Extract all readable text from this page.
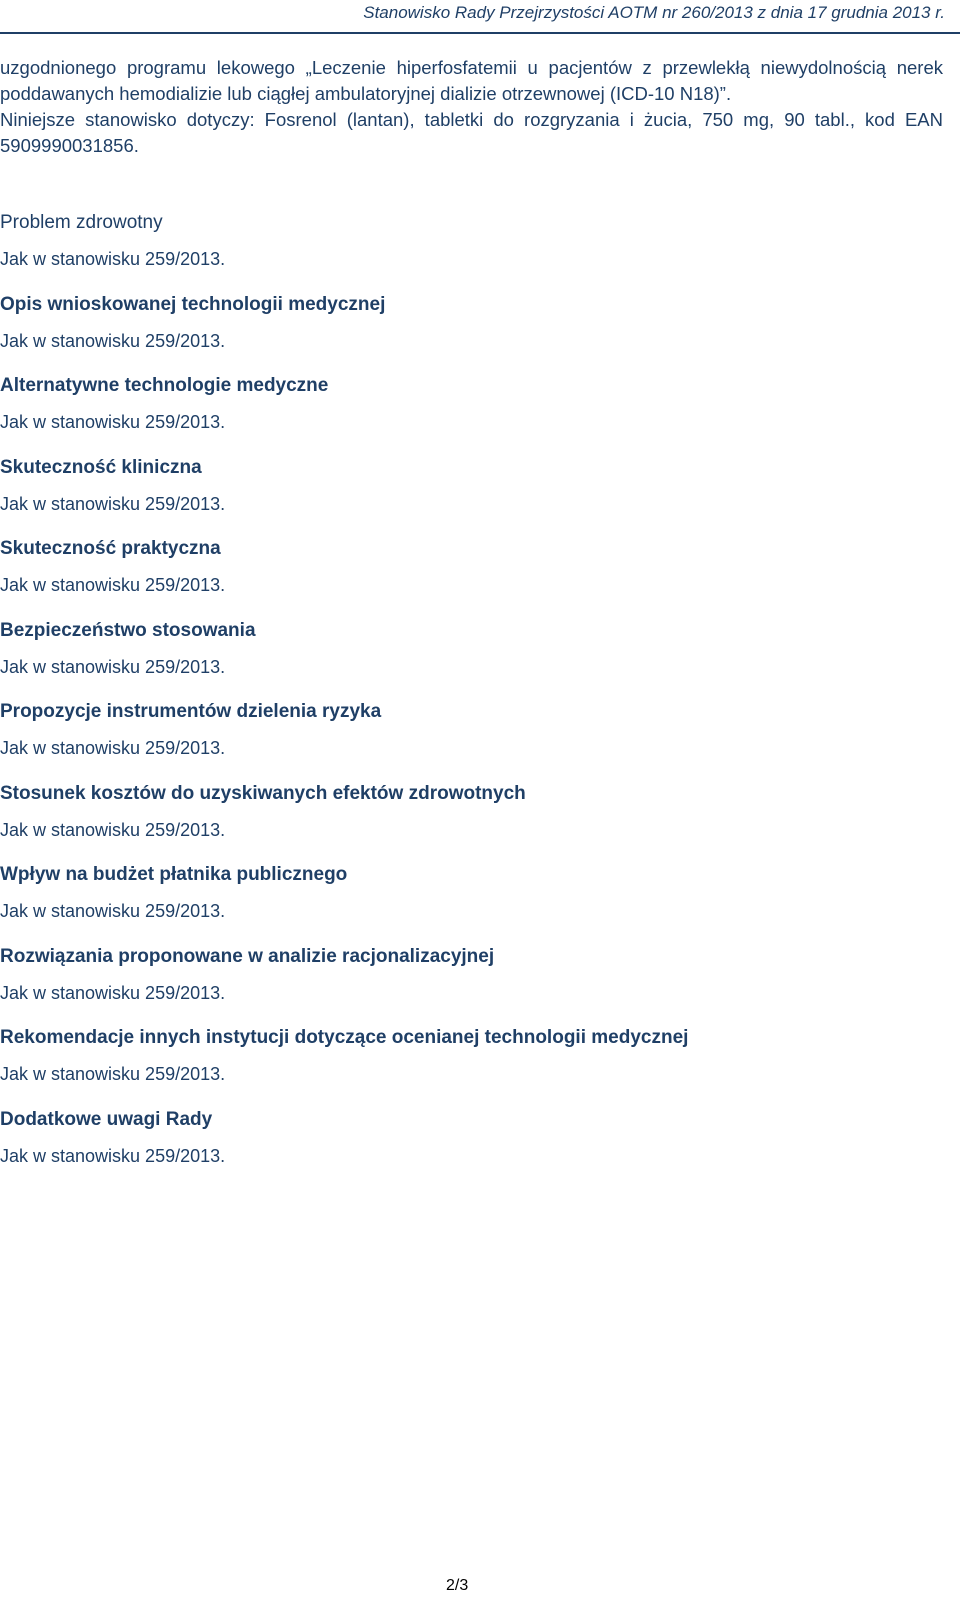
Stanowisko Rady Przejrzystości AOTM nr 260/2013 z dnia 17 grudnia 2013 r.

uzgodnionego programu lekowego „Leczenie hiperfosfatemii u pacjentów z przewlekłą niewydolnością nerek poddawanych hemodializie lub ciągłej ambulatoryjnej dializie otrzewnowej (ICD-10 N18)”.

Niniejsze stanowisko dotyczy: Fosrenol (lantan), tabletki do rozgryzania i żucia, 750 mg, 90 tabl., kod EAN 5909990031856.

Problem zdrowotny

Jak w stanowisku 259/2013.

Opis wnioskowanej technologii medycznej

Jak w stanowisku 259/2013.

Alternatywne technologie medyczne

Jak w stanowisku 259/2013.

Skuteczność kliniczna

Jak w stanowisku 259/2013.

Skuteczność praktyczna

Jak w stanowisku 259/2013.

Bezpieczeństwo stosowania

Jak w stanowisku 259/2013.

Propozycje instrumentów dzielenia ryzyka

Jak w stanowisku 259/2013.

Stosunek kosztów do uzyskiwanych efektów zdrowotnych

Jak w stanowisku 259/2013.

Wpływ na budżet płatnika publicznego

Jak w stanowisku 259/2013.

Rozwiązania proponowane w analizie racjonalizacyjnej

Jak w stanowisku 259/2013.

Rekomendacje innych instytucji dotyczące ocenianej technologii medycznej

Jak w stanowisku 259/2013.

Dodatkowe uwagi Rady

Jak w stanowisku 259/2013.

2/3
